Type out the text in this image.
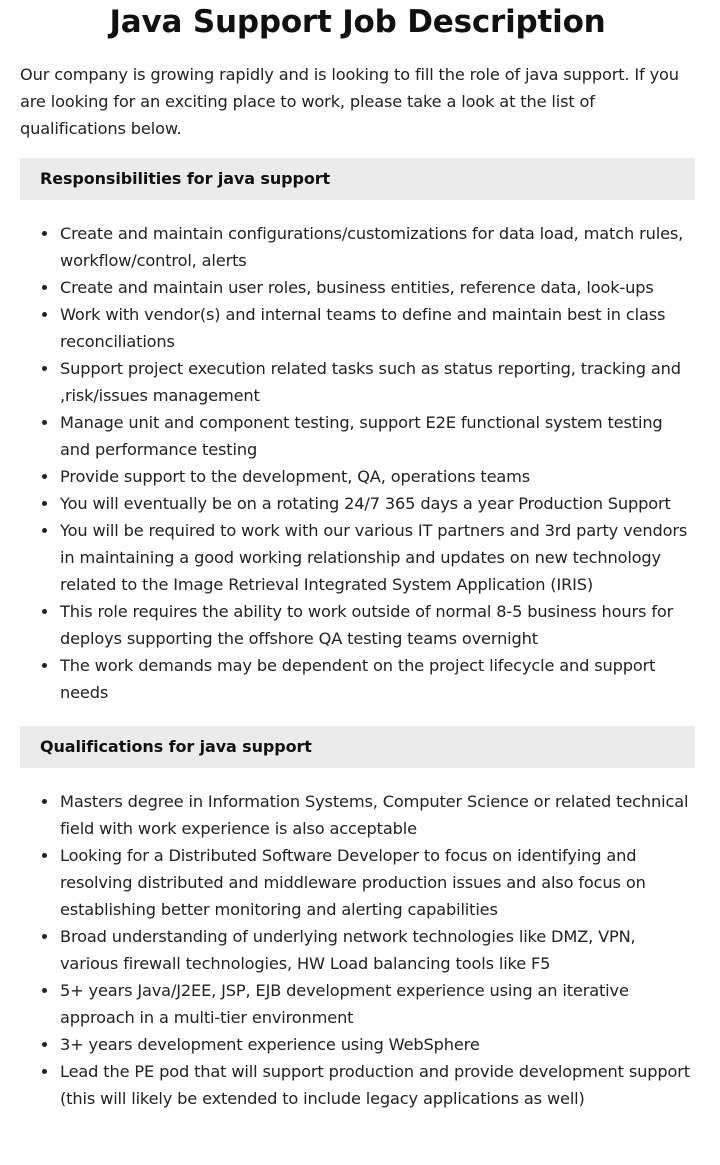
Java Support Job Description

Our company is growing rapidly and is looking to fill the role of java support. If you are looking for an exciting place to work, please take a look at the list of qualifications below.

Responsibilities for java support
Create and maintain configurations/customizations for data load, match rules, workflow/control, alerts
Create and maintain user roles, business entities, reference data, look-ups
Work with vendor(s) and internal teams to define and maintain best in class reconciliations
Support project execution related tasks such as status reporting, tracking and ,risk/issues management
Manage unit and component testing, support E2E functional system testing and performance testing
Provide support to the development, QA, operations teams
You will eventually be on a rotating 24/7 365 days a year Production Support
You will be required to work with our various IT partners and 3rd party vendors in maintaining a good working relationship and updates on new technology related to the Image Retrieval Integrated System Application (IRIS)
This role requires the ability to work outside of normal 8-5 business hours for deploys supporting the offshore QA testing teams overnight
The work demands may be dependent on the project lifecycle and support needs
Qualifications for java support
Masters degree in Information Systems, Computer Science or related technical field with work experience is also acceptable
Looking for a Distributed Software Developer to focus on identifying and resolving distributed and middleware production issues and also focus on establishing better monitoring and alerting capabilities
Broad understanding of underlying network technologies like DMZ, VPN, various firewall technologies, HW Load balancing tools like F5
5+ years Java/J2EE, JSP, EJB development experience using an iterative approach in a multi-tier environment
3+ years development experience using WebSphere
Lead the PE pod that will support production and provide development support (this will likely be extended to include legacy applications as well)
